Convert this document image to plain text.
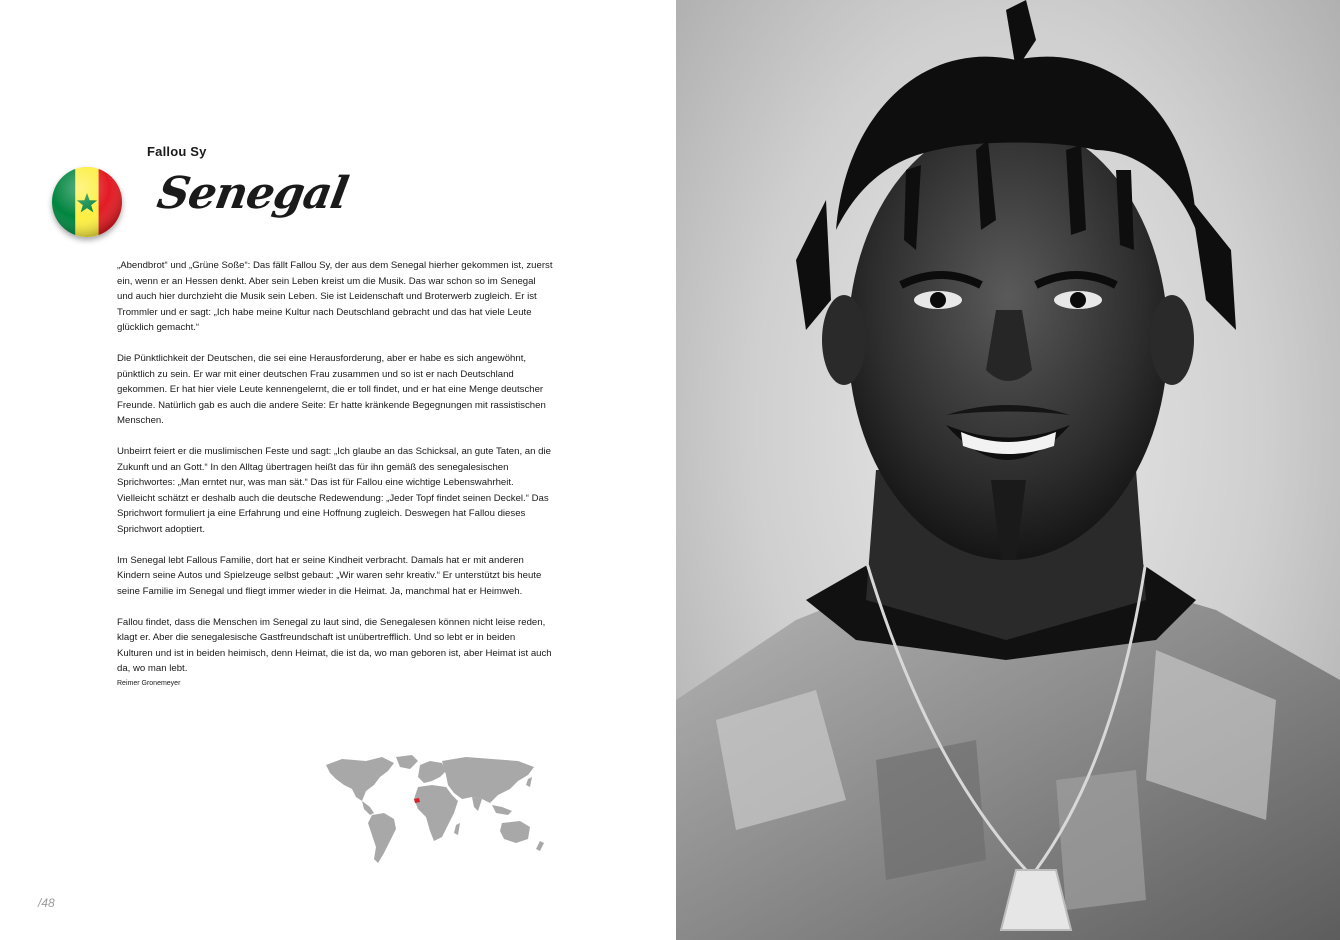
Fallou Sy
Senegal

„Abendbrot“ und „Grüne Soße“: Das fällt Fallou Sy, der aus dem Senegal hierher gekommen ist, zuerst ein, wenn er an Hessen denkt. Aber sein Leben kreist um die Musik. Das war schon so im Senegal und auch hier durchzieht die Musik sein Leben. Sie ist Leidenschaft und Broterwerb zugleich. Er ist Trommler und er sagt: „Ich habe meine Kultur nach Deutschland gebracht und das hat viele Leute glücklich gemacht.“

Die Pünktlichkeit der Deutschen, die sei eine Herausforderung, aber er habe es sich angewöhnt, pünktlich zu sein. Er war mit einer deutschen Frau zusammen und so ist er nach Deutschland gekommen. Er hat hier viele Leute kennengelernt, die er toll findet, und er hat eine Menge deutscher Freunde. Natürlich gab es auch die andere Seite: Er hatte kränkende Begegnungen mit rassistischen Menschen.

Unbeirrt feiert er die muslimischen Feste und sagt: „Ich glaube an das Schicksal, an gute Taten, an die Zukunft und an Gott.“ In den Alltag übertragen heißt das für ihn gemäß des senegalesischen Sprichwortes: „Man erntet nur, was man sät.“ Das ist für Fallou eine wichtige Lebenswahrheit. Vielleicht schätzt er deshalb auch die deutsche Redewendung: „Jeder Topf findet seinen Deckel.“ Das Sprichwort formuliert ja eine Erfahrung und eine Hoffnung zugleich. Deswegen hat Fallou dieses Sprichwort adoptiert.

Im Senegal lebt Fallous Familie, dort hat er seine Kindheit verbracht. Damals hat er mit anderen Kindern seine Autos und Spielzeuge selbst gebaut: „Wir waren sehr kreativ.“ Er unterstützt bis heute seine Familie im Senegal und fliegt immer wieder in die Heimat. Ja, manchmal hat er Heimweh.

Fallou findet, dass die Menschen im Senegal zu laut sind, die Senegalesen können nicht leise reden, klagt er. Aber die senegalesische Gastfreundschaft ist unübertrefflich. Und so lebt er in beiden Kulturen und ist in beiden heimisch, denn Heimat, die ist da, wo man geboren ist, aber Heimat ist auch da, wo man lebt.

Reimer Gronemeyer
/48
